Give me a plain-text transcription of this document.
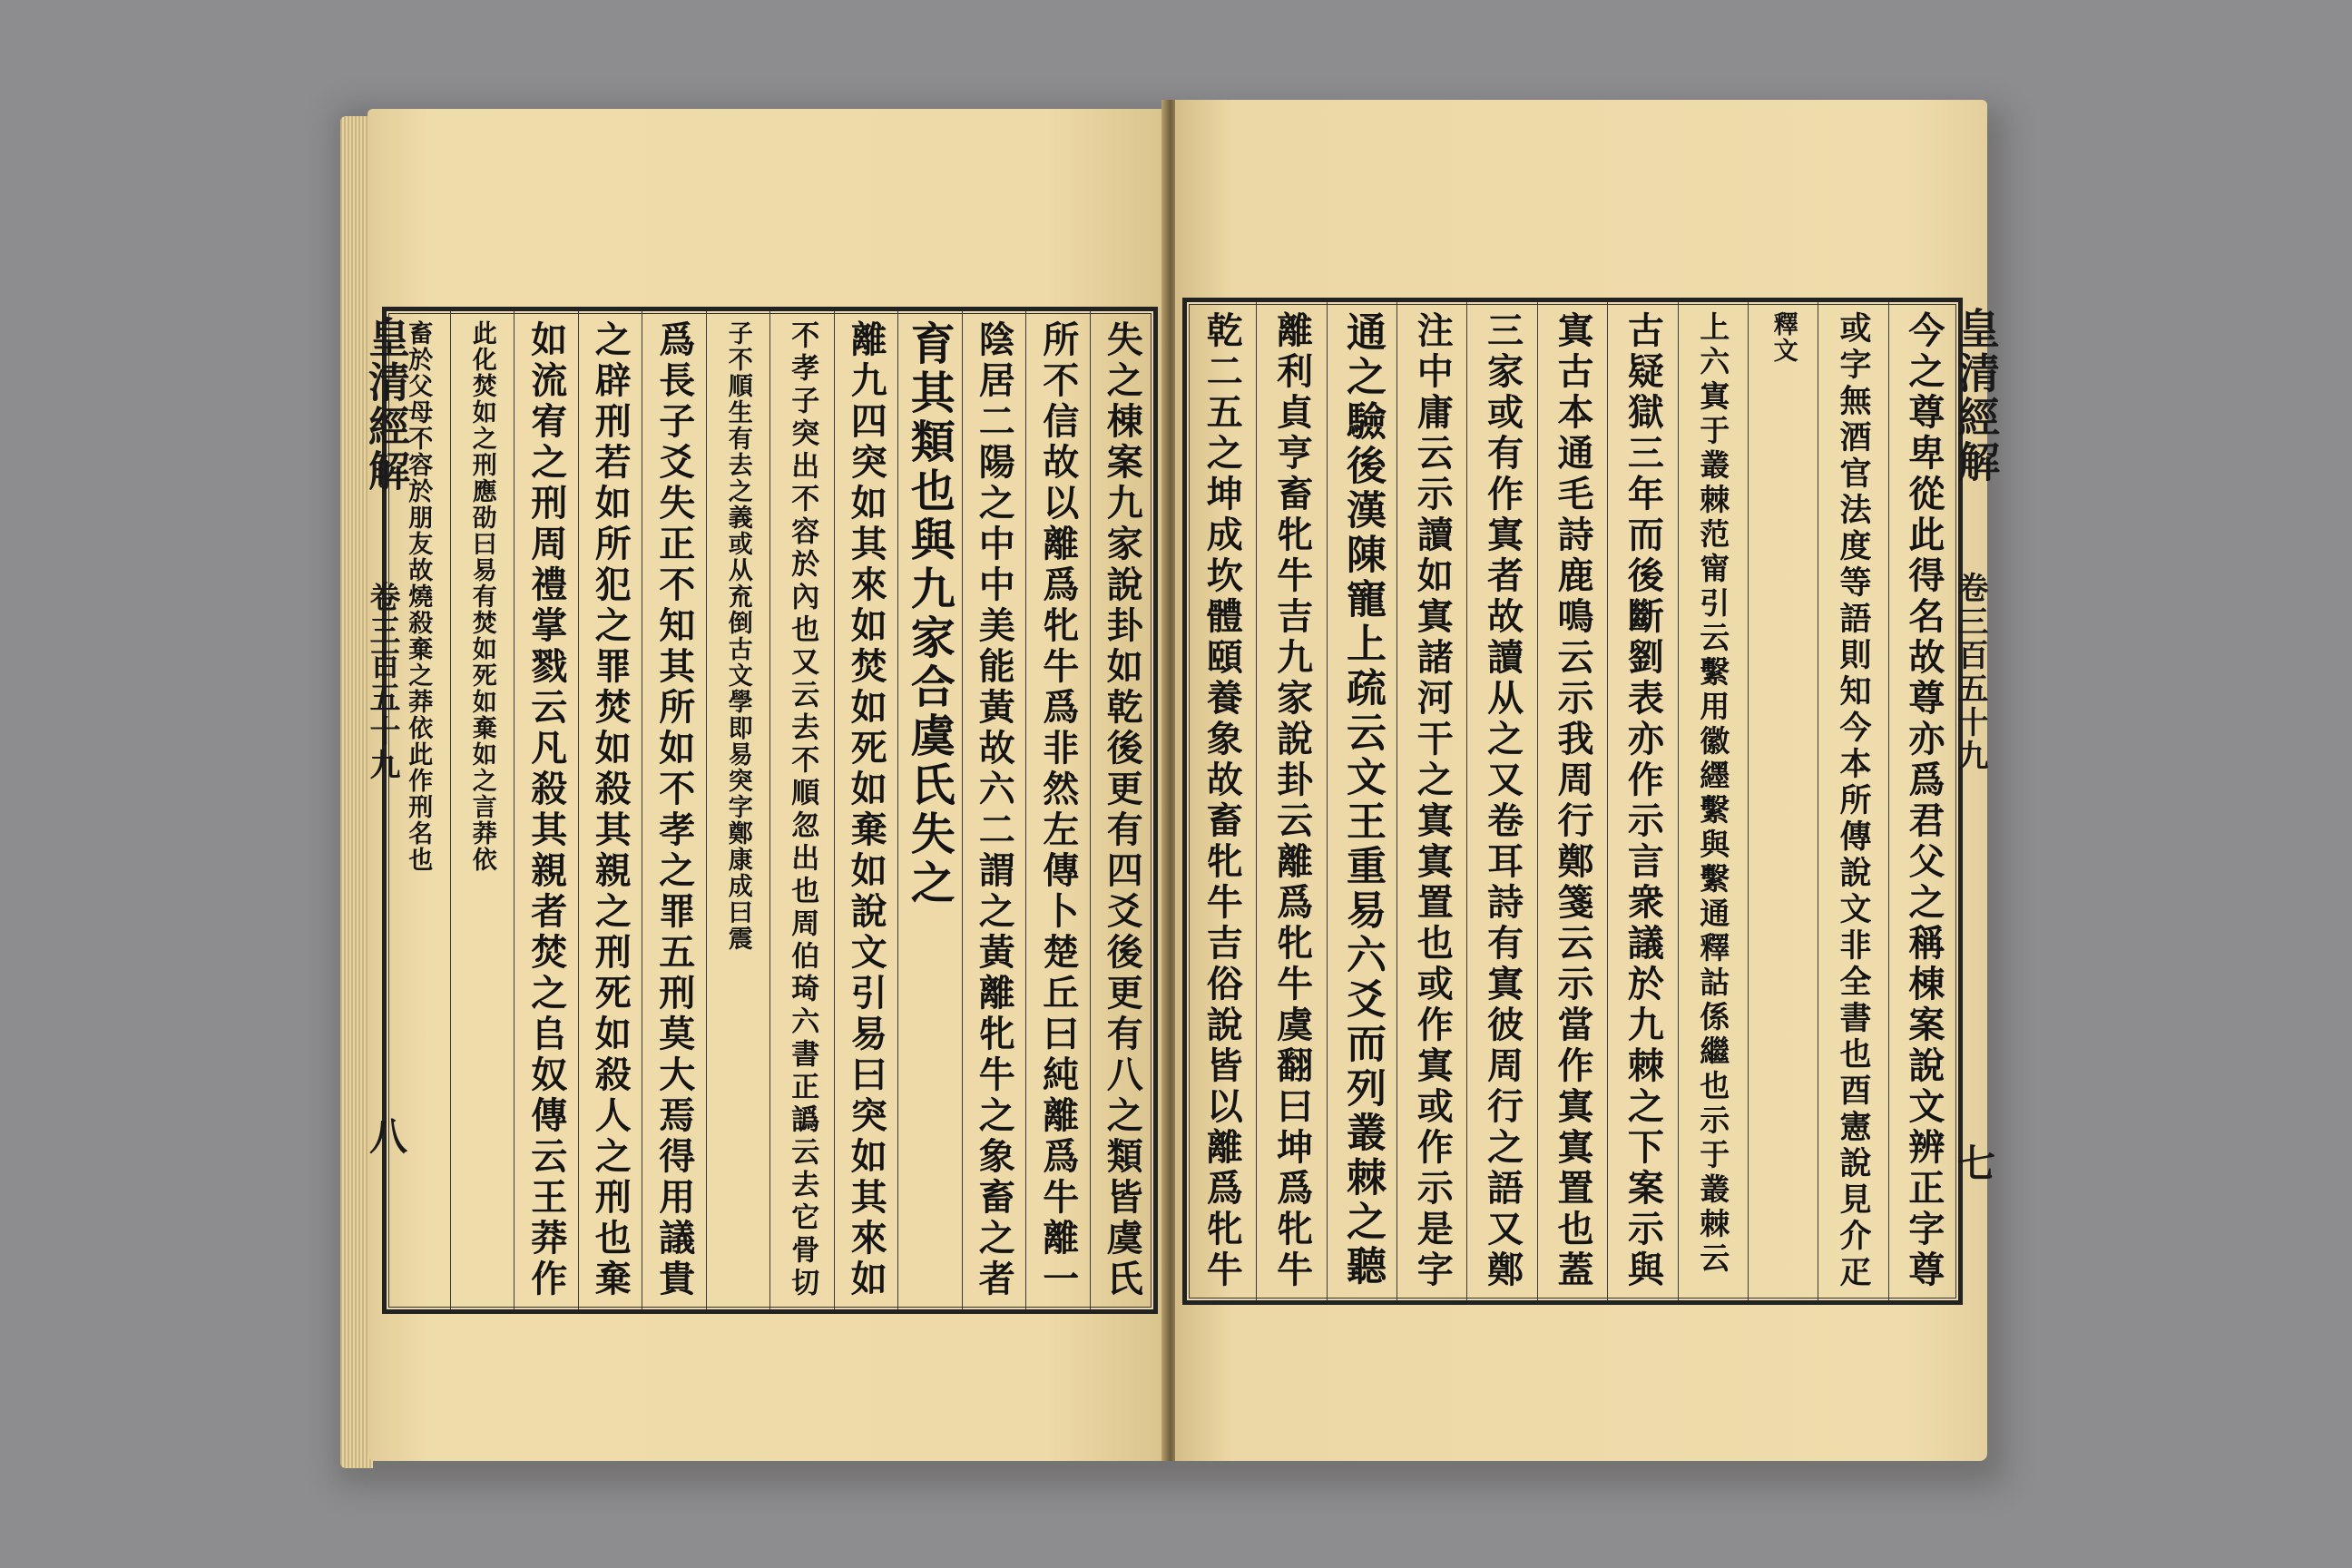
失之棟案九家說卦如乾後更有四爻後更有八之類皆虞氏
所不信故以離爲牝牛爲非然左傳卜楚丘曰純離爲牛離一
陰居二陽之中中美能黃故六二謂之黃離牝牛之象畜之者
育其類也與九家合虞氏失之
離九四突如其來如焚如死如棄如說文引易曰突如其來如
不孝子突出不容於內也又云去不順忽出也周伯琦六書正譌云去它骨切
子不順生有去之義或从㐬倒古文學即易突字鄭康成曰震
爲長子爻失正不知其所如不孝之罪五刑莫大焉得用議貴
之辟刑若如所犯之罪焚如殺其親之刑死如殺人之刑也棄
如流宥之刑周禮掌戮云凡殺其親者焚之𠂤奴傳云王莽作
此化焚如之刑應劭曰易有焚如死如棄如之言莽依
畜於父母不容於朋友故燒殺棄之莽依此作刑名也
皇清經解
卷三百五十九
八	今之尊卑從此得名故尊亦爲君父之稱棟案說文辨正字尊
或字無酒官法度等語則知今本所傳說文非全書也酉憲說見介疋
釋文
上六寘于叢棘范甯引云繫用徽纆繫與繫通釋詁係繼也示于叢棘云
古疑獄三年而後斷劉表亦作示言衆議於九棘之下案示與
寘古本通毛詩鹿鳴云示我周行鄭箋云示當作寘寘置也蓋
三家或有作寘者故讀从之又卷耳詩有寘彼周行之語又鄭
注中庸云示讀如寘諸河干之寘寘置也或作寘或作示是字
通之驗後漢陳寵上疏云文王重易六爻而列叢棘之聽
離利貞亨畜牝牛吉九家說卦云離爲牝牛虞翻曰坤爲牝牛
乾二五之坤成坎體頤養象故畜牝牛吉俗說皆以離爲牝牛	皇清經解
卷三百五十九
七
